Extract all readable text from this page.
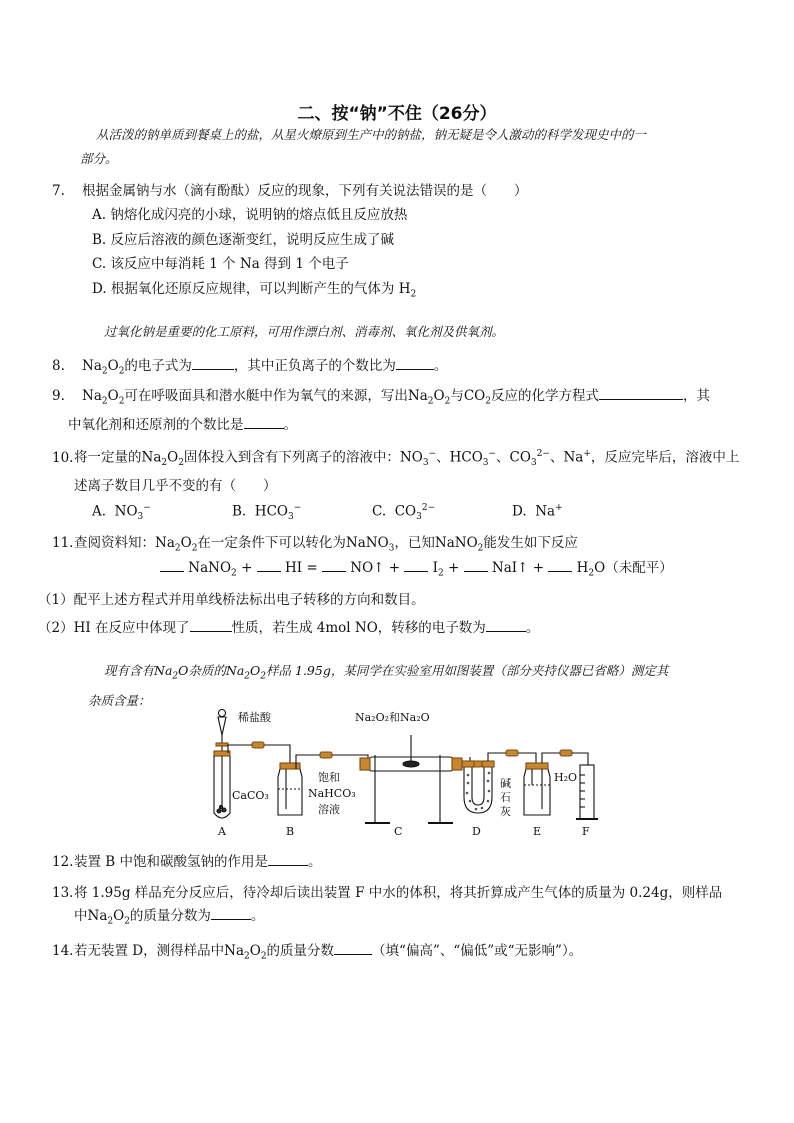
二、按“钠”不住（26分）
从活泼的钠单质到餐桌上的盐，从星火燎原到生产中的钠盐，钠无疑是令人激动的科学发现史中的一
部分。
7. 根据金属钠与水（滴有酚酞）反应的现象，下列有关说法错误的是（　　）
A. 钠熔化成闪亮的小球，说明钠的熔点低且反应放热
B. 反应后溶液的颜色逐渐变红，说明反应生成了碱
C. 该反应中每消耗 1 个 Na 得到 1 个电子
D. 根据氧化还原反应规律，可以判断产生的气体为 $H_2$
过氧化钠是重要的化工原料，可用作漂白剂、消毒剂、氧化剂及供氧剂。
8. $Na_2O_2$的电子式为	，其中正负离子的个数比为	。
9. $Na_2O_2$可在呼吸面具和潜水艇中作为氧气的来源，写出$Na_2O_2$与$CO_2$反应的化学方程式	，其
中氧化剂和还原剂的个数比是	。
10.将一定量的$Na_2O_2$固体投入到含有下列离子的溶液中：$NO_3^-$、$HCO_3^-$、$CO_3^{2-}$、Na+，反应完毕后，溶液中上
述离子数目几乎不变的有（　　）
A.  $NO_3^-$	B.  $HCO_3^-$	C.  $CO_3^{2-}$	D.  Na+
11.查阅资料知：$Na_2O_2$在一定条件下可以转化为NaNO$_3$，已知NaNO$_2$能发生如下反应
NaNO$_2$ +  HI =  NO↑ +  $I_2$ +  NaI↑ +  $H_2O$（未配平）
（1）配平上述方程式并用单线桥法标出电子转移的方向和数目。
（2）HI 在反应中体现了	性质，若生成 4mol NO，转移的电子数为	。
现有含有$Na_2O$杂质的$Na_2O_2$样品 1.95g，某同学在实验室用如图装置（部分夹持仪器已省略）测定其
杂质含量：
稀盐酸	Na₂O₂和Na₂O
CaCO₃
饱和
NaHCO₃
溶液
碱
石
灰
H₂O
A	B	C	D	E	F
12.装置 B 中饱和碳酸氢钠的作用是	。
13.将 1.95g 样品充分反应后，待冷却后读出装置 F 中水的体积，将其折算成产生气体的质量为 0.24g，则样品
中$Na_2O_2$的质量分数为	。
14.若无装置 D，测得样品中$Na_2O_2$的质量分数	（填“偏高”、“偏低”或“无影响”）。
